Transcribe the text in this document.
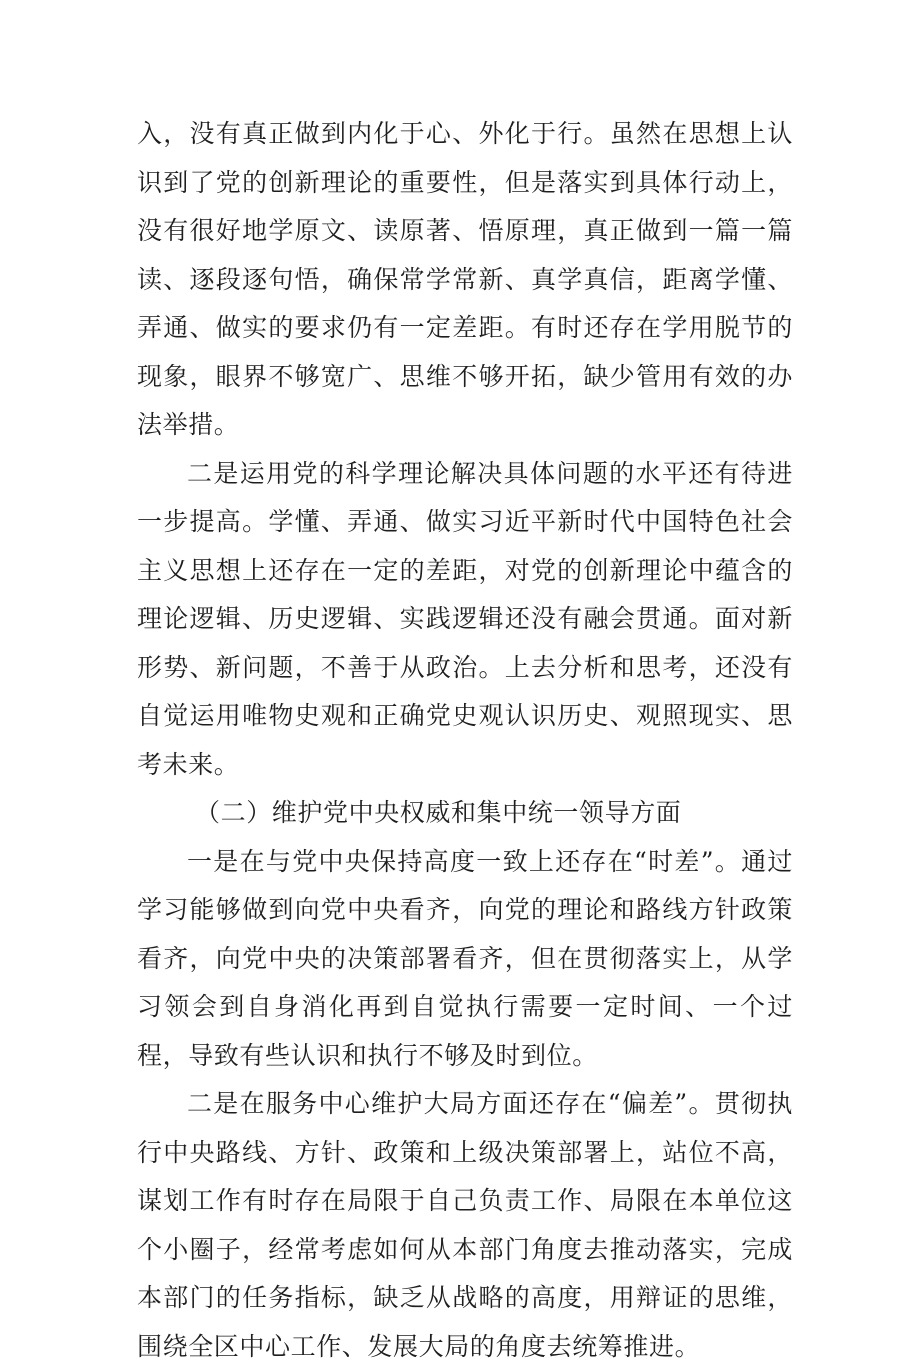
入，没有真正做到内化于心、外化于行。虽然在思想上认识到了党的创新理论的重要性，但是落实到具体行动上，没有很好地学原文、读原著、悟原理，真正做到一篇一篇读、逐段逐句悟，确保常学常新、真学真信，距离学懂、弄通、做实的要求仍有一定差距。有时还存在学用脱节的现象，眼界不够宽广、思维不够开拓，缺少管用有效的办法举措。

二是运用党的科学理论解决具体问题的水平还有待进一步提高。学懂、弄通、做实习近平新时代中国特色社会主义思想上还存在一定的差距，对党的创新理论中蕴含的理论逻辑、历史逻辑、实践逻辑还没有融会贯通。面对新形势、新问题，不善于从政治。上去分析和思考，还没有自觉运用唯物史观和正确党史观认识历史、观照现实、思考未来。

（二）维护党中央权威和集中统一领导方面

一是在与党中央保持高度一致上还存在“时差”。通过学习能够做到向党中央看齐，向党的理论和路线方针政策看齐，向党中央的决策部署看齐，但在贯彻落实上，从学习领会到自身消化再到自觉执行需要一定时间、一个过程，导致有些认识和执行不够及时到位。

二是在服务中心维护大局方面还存在“偏差”。贯彻执行中央路线、方针、政策和上级决策部署上，站位不高，谋划工作有时存在局限于自己负责工作、局限在本单位这个小圈子，经常考虑如何从本部门角度去推动落实，完成本部门的任务指标，缺乏从战略的高度，用辩证的思维，围绕全区中心工作、发展大局的角度去统筹推进。
